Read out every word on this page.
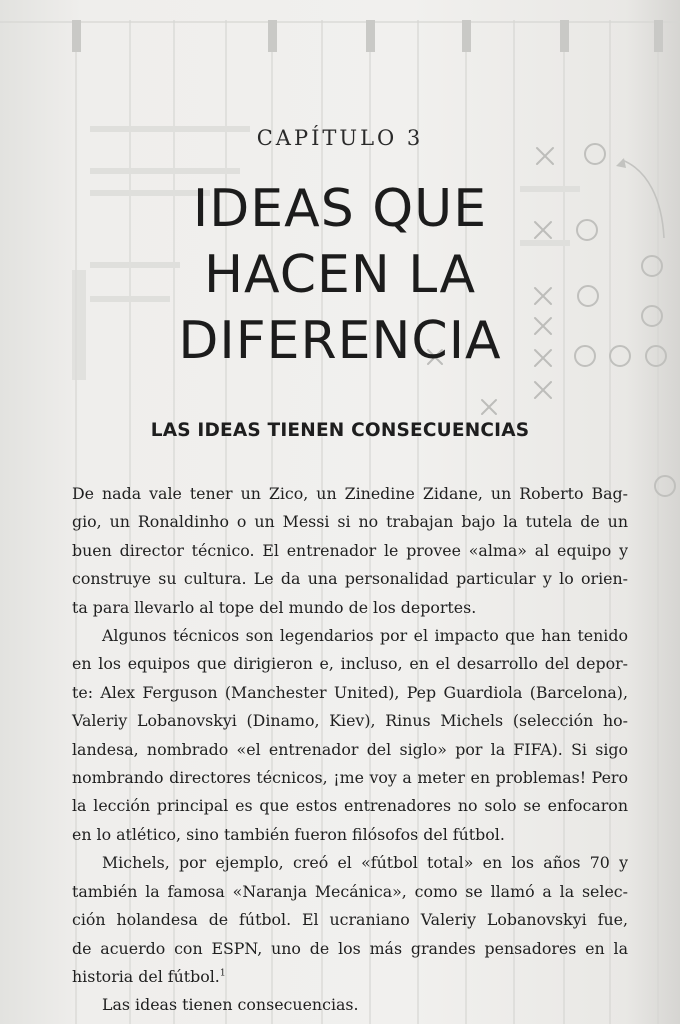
CAPÍTULO 3
IDEAS QUE
HACEN LA
DIFERENCIA
LAS IDEAS TIENEN CONSECUENCIAS

De nada vale tener un Zico, un Zinedine Zidane, un Roberto Bag-
gio, un Ronaldinho o un Messi si no trabajan bajo la tutela de un
buen director técnico. El entrenador le provee «alma» al equipo y
construye su cultura. Le da una personalidad particular y lo orien-
ta para llevarlo al tope del mundo de los deportes.

Algunos técnicos son legendarios por el impacto que han tenido
en los equipos que dirigieron e, incluso, en el desarrollo del depor-
te: Alex Ferguson (Manchester United), Pep Guardiola (Barcelona),
Valeriy Lobanovskyi (Dinamo, Kiev), Rinus Michels (selección ho-
landesa, nombrado «el entrenador del siglo» por la FIFA). Si sigo
nombrando directores técnicos, ¡me voy a meter en problemas! Pero
la lección principal es que estos entrenadores no solo se enfocaron
en lo atlético, sino también fueron filósofos del fútbol.

Michels, por ejemplo, creó el «fútbol total» en los años 70 y
también la famosa «Naranja Mecánica», como se llamó a la selec-
ción holandesa de fútbol. El ucraniano Valeriy Lobanovskyi fue,
de acuerdo con ESPN, uno de los más grandes pensadores en la
historia del fútbol.$^1$

Las ideas tienen consecuencias.
